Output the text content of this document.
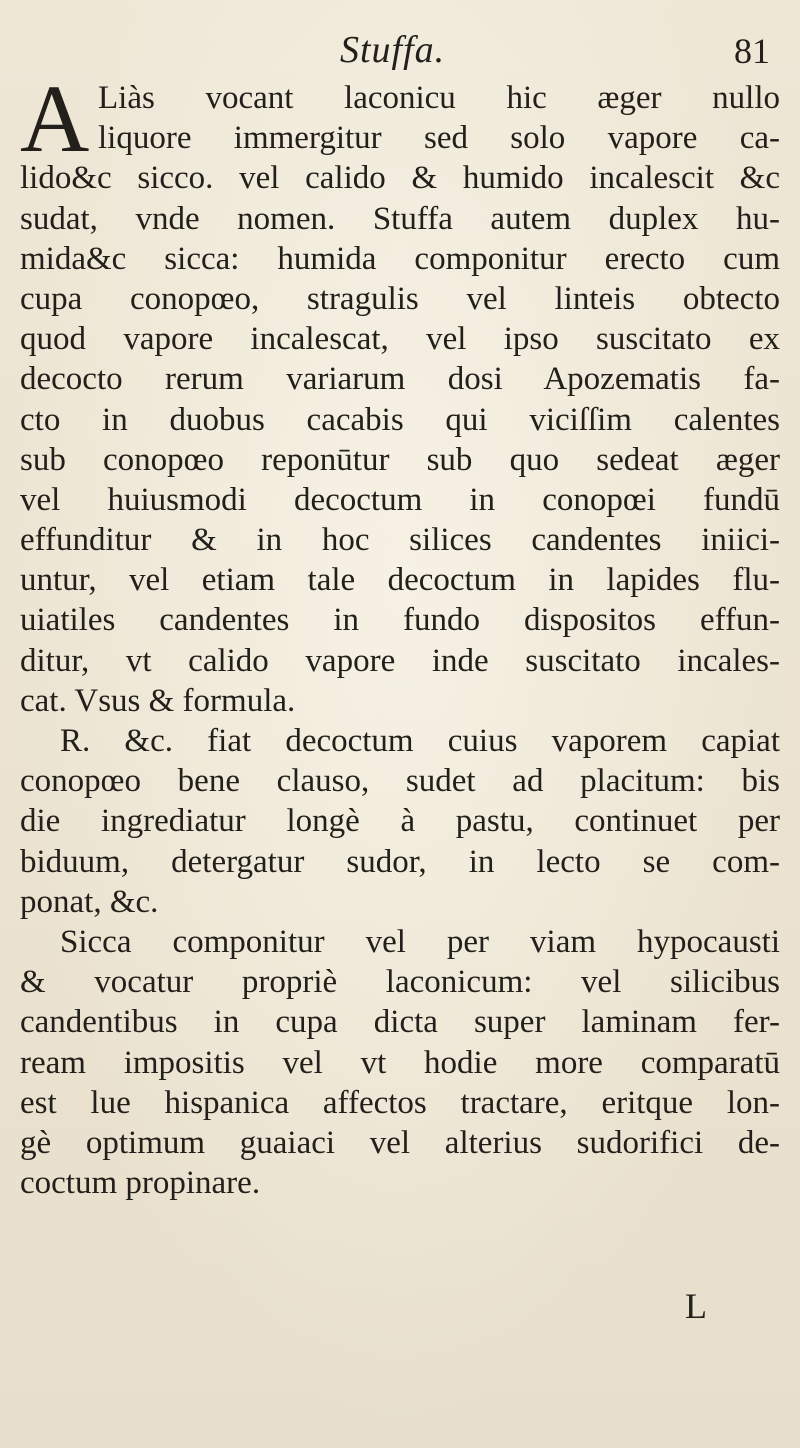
Stuffa.	81
A Liàs vocant laconicu hic æger nullo
liquore immergitur sed solo vapore ca-
lido&c sicco. vel calido & humido incalescit &c
sudat, vnde nomen. Stuffa autem duplex hu-
mida&c sicca: humida componitur erecto cum
cupa conopœo, stragulis vel linteis obtecto
quod vapore incalescat, vel ipso suscitato ex
decocto rerum variarum dosi Apozematis fa-
cto in duobus cacabis qui viciſſim calentes
sub conopœo reponūtur sub quo sedeat æger
vel huiusmodi decoctum in conopœi fundū
effunditur & in hoc silices candentes iniici-
untur, vel etiam tale decoctum in lapides flu-
uiatiles candentes in fundo dispositos effun-
ditur, vt calido vapore inde suscitato incales-
cat. Vsus & formula.
R. &c. fiat decoctum cuius vaporem capiat
conopœo bene clauso, sudet ad placitum: bis
die ingrediatur longè à pastu, continuet per
biduum, detergatur sudor, in lecto se com-
ponat, &c.
Sicca componitur vel per viam hypocausti
& vocatur propriè laconicum: vel silicibus
candentibus in cupa dicta super laminam fer-
ream impositis vel vt hodie more comparatū
est lue hispanica affectos tractare, eritque lon-
gè optimum guaiaci vel alterius sudorifici de-
coctum propinare.
L
